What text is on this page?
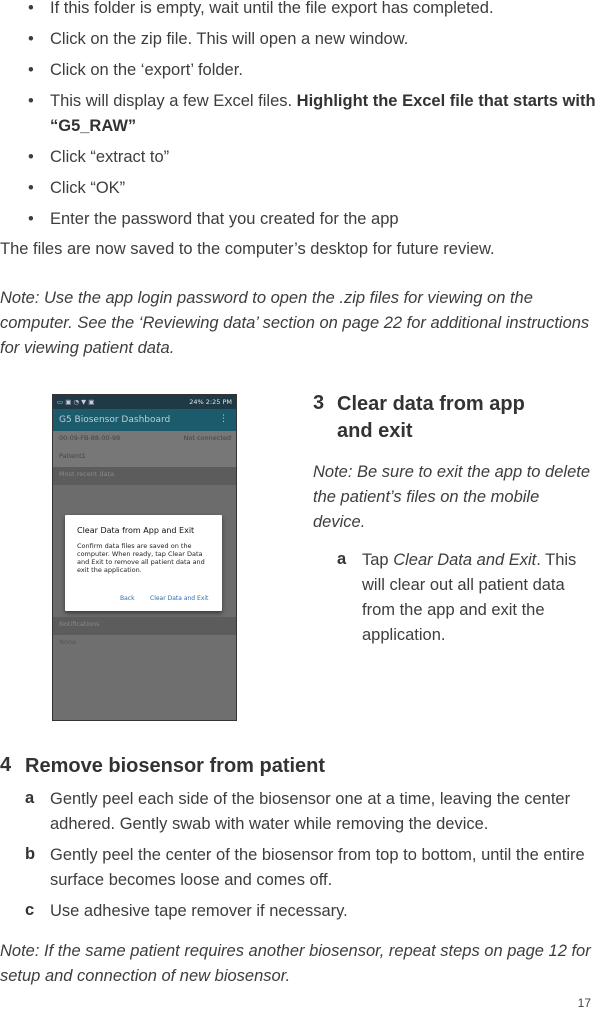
• If this folder is empty, wait until the file export has completed.
• Click on the zip file. This will open a new window.
• Click on the ‘export’ folder.
• This will display a few Excel files. Highlight the Excel file that starts with “G5_RAW”
• Click “extract to”
• Click “OK”
• Enter the password that you created for the app
The files are now saved to the computer’s desktop for future review.
Note: Use the app login password to open the .zip files for viewing on the computer. See the ‘Reviewing data’ section on page 22 for additional instructions for viewing patient data.
▭ ▣ ◔ ▼ ▣	24% 2:25 PM
G5 Biosensor Dashboard	⋮
00-09-FB-88-00-98	Not connected
Patient1
Most recent data
Notifications
None
Clear Data from App and Exit
Confirm data files are saved on the computer. When ready, tap Clear Data and Exit to remove all patient data and exit the application.
Back	Clear Data and Exit
3 Clear data from app
and exit
Note: Be sure to exit the app to delete the patient’s files on the mobile device.
a Tap Clear Data and Exit. This will clear out all patient data from the app and exit the application.
4 Remove biosensor from patient
a Gently peel each side of the biosensor one at a time, leaving the center adhered. Gently swab with water while removing the device.
b Gently peel the center of the biosensor from top to bottom, until the entire surface becomes loose and comes off.
c Use adhesive tape remover if necessary.
Note: If the same patient requires another biosensor, repeat steps on page 12 for setup and connection of new biosensor.
17
